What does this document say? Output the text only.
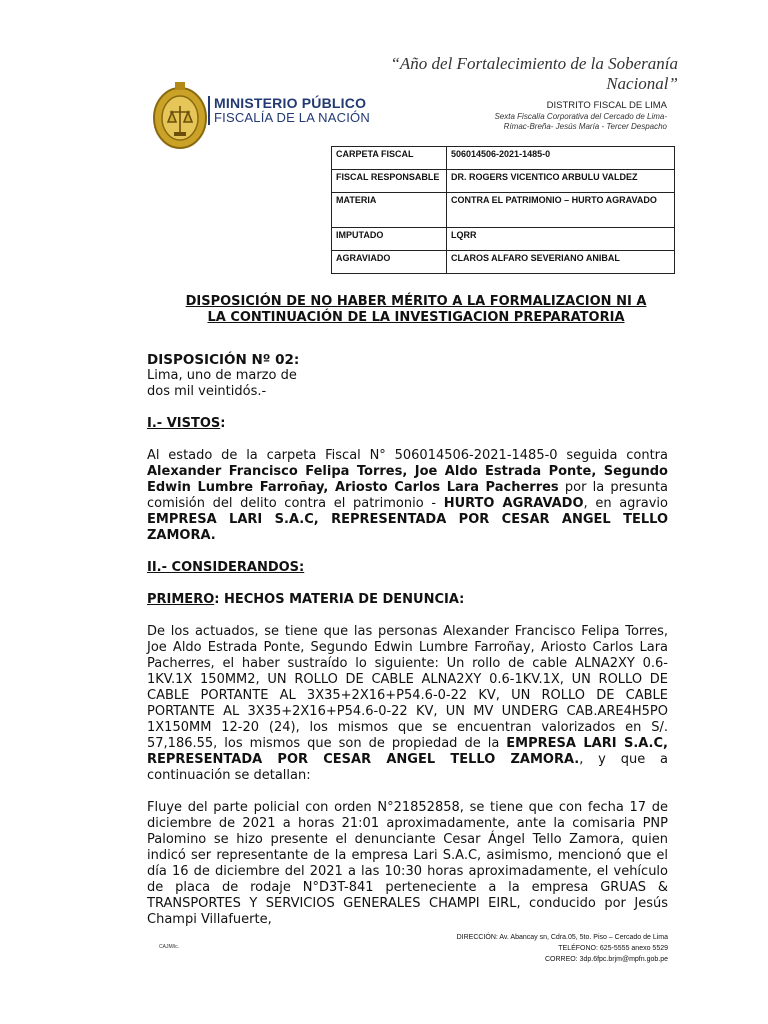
“Año del Fortalecimiento de la Soberanía Nacional”
MINISTERIO PÚBLICO
FISCALÍA DE LA NACIÓN
DISTRITO FISCAL DE LIMA
Sexta Fiscalía Corporativa del Cercado de Lima-
Rímac-Breña- Jesús María - Tercer Despacho
CARPETA FISCAL	506014506-2021-1485-0
FISCAL RESPONSABLE	DR. ROGERS VICENTICO ARBULU VALDEZ
MATERIA	CONTRA EL PATRIMONIO – HURTO AGRAVADO
IMPUTADO	LQRR
AGRAVIADO	CLAROS ALFARO SEVERIANO ANIBAL
DISPOSICIÓN DE NO HABER MÉRITO A LA FORMALIZACION NI A
LA CONTINUACIÓN DE LA INVESTIGACION PREPARATORIA
DISPOSICIÓN Nº 02:
Lima, uno de marzo de
dos mil veintidós.-

I.- VISTOS:

Al estado de la carpeta Fiscal N° 506014506-2021-1485-0 seguida contra Alexander Francisco Felipa Torres, Joe Aldo Estrada Ponte, Segundo Edwin Lumbre Farroñay, Ariosto Carlos Lara Pacherres por la presunta comisión del delito contra el patrimonio - HURTO AGRAVADO, en agravio EMPRESA LARI S.A.C, REPRESENTADA POR CESAR ANGEL TELLO ZAMORA.

II.- CONSIDERANDOS:

PRIMERO: HECHOS MATERIA DE DENUNCIA:

De los actuados, se tiene que las personas Alexander Francisco Felipa Torres, Joe Aldo Estrada Ponte, Segundo Edwin Lumbre Farroñay, Ariosto Carlos Lara Pacherres, el haber sustraído lo siguiente: Un rollo de cable ALNA2XY 0.6-1KV.1X 150MM2, UN ROLLO DE CABLE ALNA2XY 0.6-1KV.1X, UN ROLLO DE CABLE PORTANTE AL 3X35+2X16+P54.6-0-22 KV, UN ROLLO DE CABLE PORTANTE AL 3X35+2X16+P54.6-0-22 KV, UN MV UNDERG CAB.ARE4H5PO 1X150MM 12-20 (24), los mismos que se encuentran valorizados en S/. 57,186.55, los mismos que son de propiedad de la EMPRESA LARI S.A.C, REPRESENTADA POR CESAR ANGEL TELLO ZAMORA., y que a continuación se detallan:

Fluye del parte policial con orden N°21852858, se tiene que con fecha 17 de diciembre de 2021 a horas 21:01 aproximadamente, ante la comisaria PNP Palomino se hizo presente el denunciante Cesar Ángel Tello Zamora, quien indicó ser representante de la empresa Lari S.A.C, asimismo, mencionó que el día 16 de diciembre del 2021 a las 10:30 horas aproximadamente, el vehículo de placa de rodaje N°D3T-841 perteneciente a la empresa GRUAS & TRANSPORTES Y SERVICIOS GENERALES CHAMPI EIRL, conducido por Jesús Champi Villafuerte,

CAJM/lc.
DIRECCIÓN: Av. Abancay sn, Cdra.05, 5to. Piso – Cercado de Lima
TELÉFONO: 625-5555 anexo 5529
CORREO: 3dp.6fpc.brjm@mpfn.gob.pe
